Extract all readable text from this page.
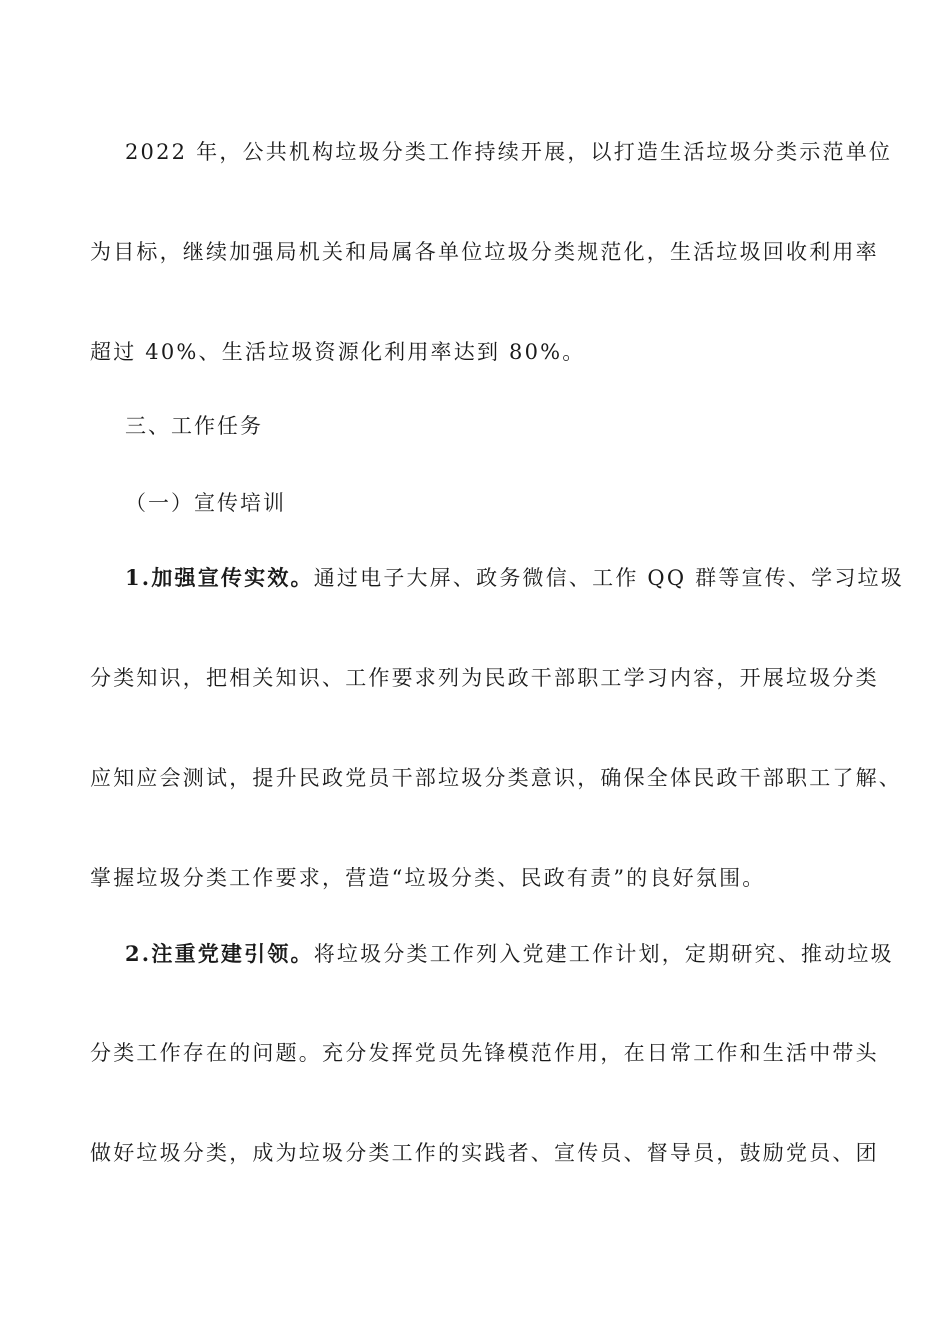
2022 年，公共机构垃圾分类工作持续开展，以打造生活垃圾分类示范单位
为目标，继续加强局机关和局属各单位垃圾分类规范化，生活垃圾回收利用率
超过 40%、生活垃圾资源化利用率达到 80%。
三、工作任务
（一）宣传培训
1.加强宣传实效。通过电子大屏、政务微信、工作 QQ 群等宣传、学习垃圾
分类知识，把相关知识、工作要求列为民政干部职工学习内容，开展垃圾分类
应知应会测试，提升民政党员干部垃圾分类意识，确保全体民政干部职工了解、
掌握垃圾分类工作要求，营造“垃圾分类、民政有责”的良好氛围。
2.注重党建引领。将垃圾分类工作列入党建工作计划，定期研究、推动垃圾
分类工作存在的问题。充分发挥党员先锋模范作用，在日常工作和生活中带头
做好垃圾分类，成为垃圾分类工作的实践者、宣传员、督导员，鼓励党员、团
